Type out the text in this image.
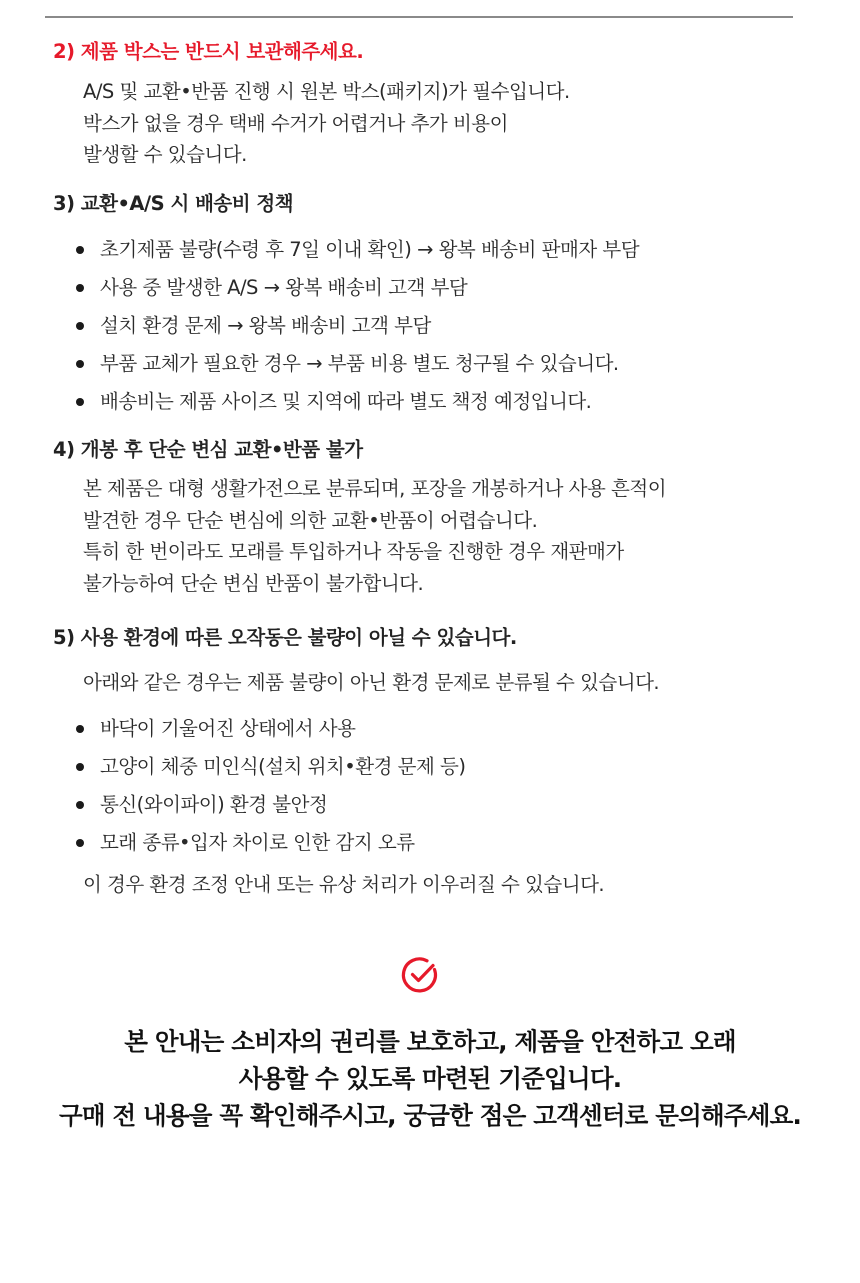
2) 제품 박스는 반드시 보관해주세요.
A/S 및 교환•반품 진행 시 원본 박스(패키지)가 필수입니다.
박스가 없을 경우 택배 수거가 어렵거나 추가 비용이
발생할 수 있습니다.
3) 교환•A/S 시 배송비 정책
초기제품 불량(수령 후 7일 이내 확인) → 왕복 배송비 판매자 부담
사용 중 발생한 A/S → 왕복 배송비 고객 부담
설치 환경 문제 → 왕복 배송비 고객 부담
부품 교체가 필요한 경우 → 부품 비용 별도 청구될 수 있습니다.
배송비는 제품 사이즈 및 지역에 따라 별도 책정 예정입니다.
4) 개봉 후 단순 변심 교환•반품 불가
본 제품은 대형 생활가전으로 분류되며, 포장을 개봉하거나 사용 흔적이
발견한 경우 단순 변심에 의한 교환•반품이 어렵습니다.
특히 한 번이라도 모래를 투입하거나 작동을 진행한 경우 재판매가
불가능하여 단순 변심 반품이 불가합니다.
5) 사용 환경에 따른 오작동은 불량이 아닐 수 있습니다.
아래와 같은 경우는 제품 불량이 아닌 환경 문제로 분류될 수 있습니다.
바닥이 기울어진 상태에서 사용
고양이 체중 미인식(설치 위치•환경 문제 등)
통신(와이파이) 환경 불안정
모래 종류•입자 차이로 인한 감지 오류
이 경우 환경 조정 안내 또는 유상 처리가 이우러질 수 있습니다.
본 안내는 소비자의 권리를 보호하고, 제품을 안전하고 오래
사용할 수 있도록 마련된 기준입니다.
구매 전 내용을 꼭 확인해주시고, 궁금한 점은 고객센터로 문의해주세요.
